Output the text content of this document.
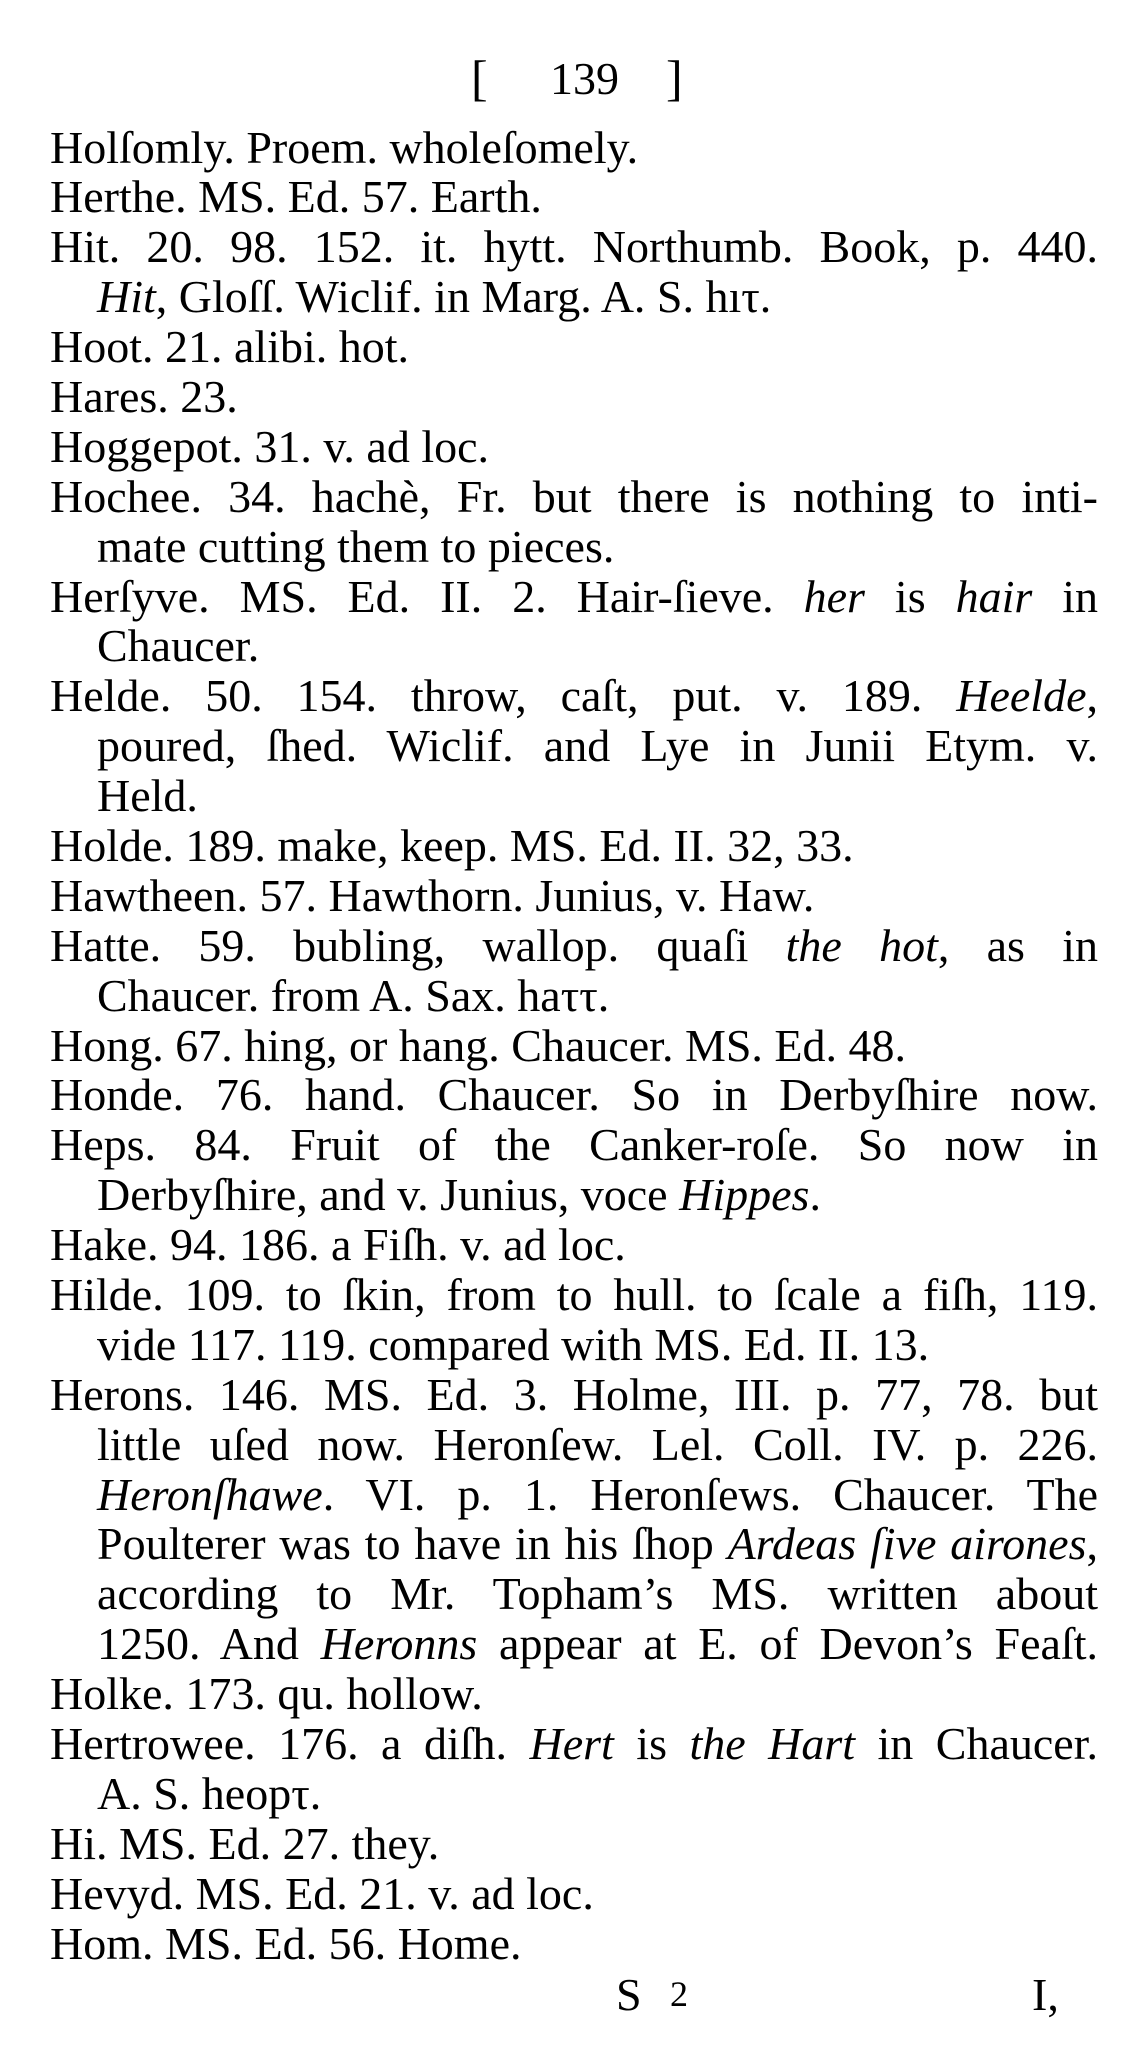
[ 139 ]
Holſomly. Proem. wholeſomely.
Herthe. MS. Ed. 57. Earth.
Hit. 20. 98. 152. it. hytt. Northumb. Book, p. 440.
Hit, Gloſſ. Wiclif. in Marg. A. S. hıτ.
Hoot. 21. alibi. hot.
Hares. 23.
Hoggepot. 31. v. ad loc.
Hochee. 34. hachè, Fr. but there is nothing to inti-
mate cutting them to pieces.
Herſyve. MS. Ed. II. 2. Hair-ſieve. her is hair in
Chaucer.
Helde. 50. 154. throw, caſt, put. v. 189. Heelde,
poured, ſhed. Wiclif. and Lye in Junii Etym. v.
Held.
Holde. 189. make, keep. MS. Ed. II. 32, 33.
Hawtheen. 57. Hawthorn. Junius, v. Haw.
Hatte. 59. bubling, wallop. quaſi the hot, as in
Chaucer. from A. Sax. haττ.
Hong. 67. hing, or hang. Chaucer. MS. Ed. 48.
Honde. 76. hand. Chaucer. So in Derbyſhire now.
Heps. 84. Fruit of the Canker-roſe. So now in
Derbyſhire, and v. Junius, voce Hippes.
Hake. 94. 186. a Fiſh. v. ad loc.
Hilde. 109. to ſkin, from to hull. to ſcale a fiſh, 119.
vide 117. 119. compared with MS. Ed. II. 13.
Herons. 146. MS. Ed. 3. Holme, III. p. 77, 78. but
little uſed now. Heronſew. Lel. Coll. IV. p. 226.
Heronſhawe. VI. p. 1. Heronſews. Chaucer. The
Poulterer was to have in his ſhop Ardeas ſive airones,
according to Mr. Topham’s MS. written about
1250. And Heronns appear at E. of Devon’s Feaſt.
Holke. 173. qu. hollow.
Hertrowee. 176. a diſh. Hert is the Hart in Chaucer.
A. S. heopτ.
Hi. MS. Ed. 27. they.
Hevyd. MS. Ed. 21. v. ad loc.
Hom. MS. Ed. 56. Home.
S 2	I,
